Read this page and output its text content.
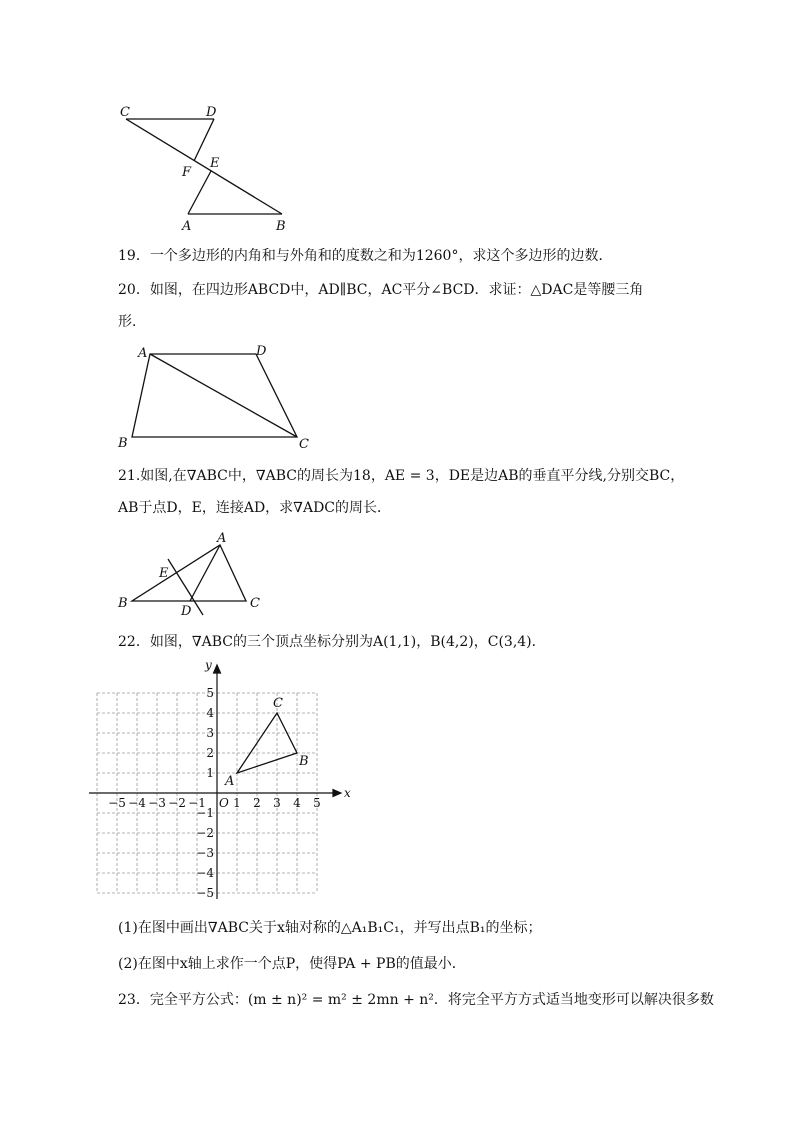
C	D
F
E
A	B
19．一个多边形的内角和与外角和的度数之和为1260°，求这个多边形的边数．
20．如图，在四边形ABCD中，AD∥BC，AC平分∠BCD．求证：△DAC是等腰三角
形．
A	D
B	C
21.如图,在∇ABC中，∇ABC的周长为18，AE = 3，DE是边AB的垂直平分线,分别交BC，
AB于点D，E，连接AD，求∇ADC的周长．
A
E
B
D
C
22．如图，∇ABC的三个顶点坐标分别为A(1,1)，B(4,2)，C(3,4)．
−5 −4 −3 −2 −1 1 2 3 4 5
5
4
3
2
1
−1
−2
−3
−4
−5
O
x
y
A
B
C
(1)在图中画出∇ABC关于x轴对称的△A₁B₁C₁，并写出点B₁的坐标；
(2)在图中x轴上求作一个点P，使得PA + PB的值最小．
23．完全平方公式：(m ± n)² = m² ± 2mn + n²．将完全平方方式适当地变形可以解决很多数
